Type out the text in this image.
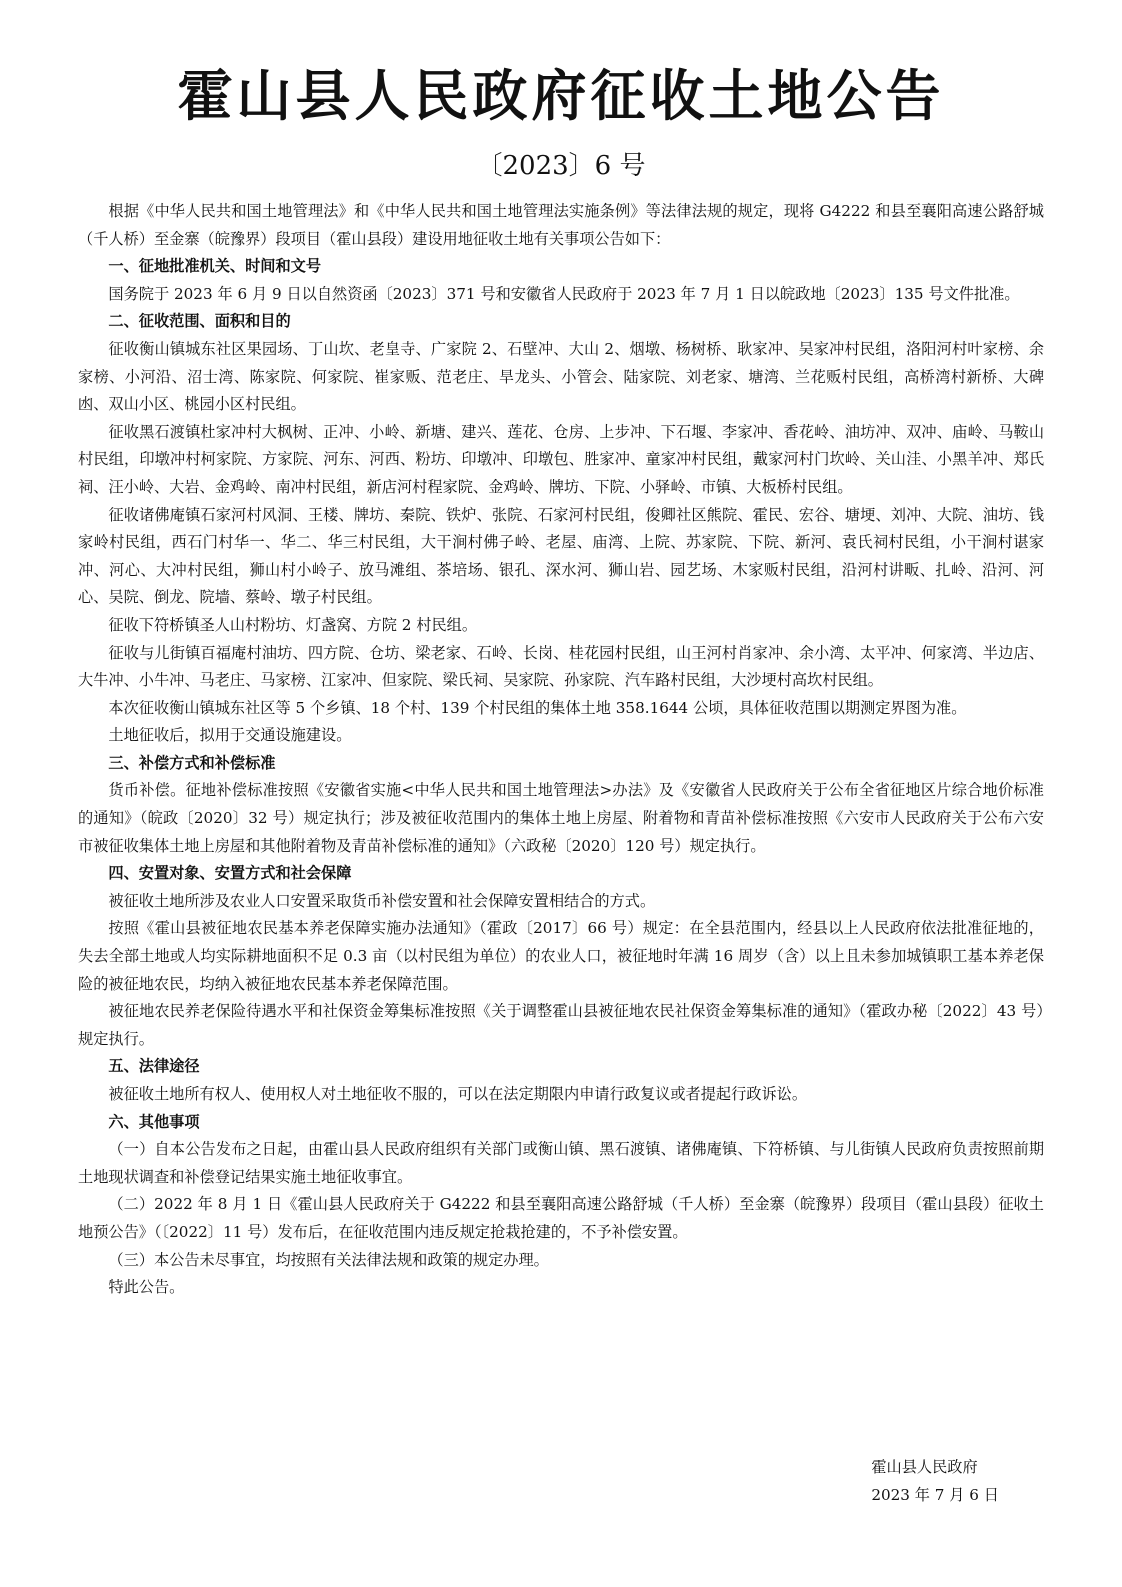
霍山县人民政府征收土地公告
〔2023〕6 号

根据《中华人民共和国土地管理法》和《中华人民共和国土地管理法实施条例》等法律法规的规定，现将 G4222 和县至襄阳高速公路舒城（千人桥）至金寨（皖豫界）段项目（霍山县段）建设用地征收土地有关事项公告如下：

一、征地批准机关、时间和文号

国务院于 2023 年 6 月 9 日以自然资函〔2023〕371 号和安徽省人民政府于 2023 年 7 月 1 日以皖政地〔2023〕135 号文件批准。

二、征收范围、面积和目的

征收衡山镇城东社区果园场、丁山坎、老皇寺、广家院 2、石壁冲、大山 2、烟墩、杨树桥、耿家冲、吴家冲村民组，洛阳河村叶家榜、余家榜、小河沿、沼士湾、陈家院、何家院、崔家贩、范老庄、旱龙头、小管会、陆家院、刘老家、塘湾、兰花贩村民组，高桥湾村新桥、大碑凼、双山小区、桃园小区村民组。

征收黑石渡镇杜家冲村大枫树、正冲、小岭、新塘、建兴、莲花、仓房、上步冲、下石堰、李家冲、香花岭、油坊冲、双冲、庙岭、马鞍山村民组，印墩冲村柯家院、方家院、河东、河西、粉坊、印墩冲、印墩包、胜家冲、童家冲村民组，戴家河村门坎岭、关山洼、小黑羊冲、郑氏祠、汪小岭、大岩、金鸡岭、南冲村民组，新店河村程家院、金鸡岭、牌坊、下院、小驿岭、市镇、大板桥村民组。

征收诸佛庵镇石家河村风洞、王楼、牌坊、秦院、铁炉、张院、石家河村民组，俊卿社区熊院、霍民、宏谷、塘埂、刘冲、大院、油坊、钱家岭村民组，西石门村华一、华二、华三村民组，大干涧村佛子岭、老屋、庙湾、上院、苏家院、下院、新河、袁氏祠村民组，小干涧村谌家冲、河心、大冲村民组，狮山村小岭子、放马滩组、茶培场、银孔、深水河、狮山岩、园艺场、木家贩村民组，沿河村讲畈、扎岭、沿河、河心、吴院、倒龙、院墙、蔡岭、墩子村民组。

征收下符桥镇圣人山村粉坊、灯盏窝、方院 2 村民组。

征收与儿街镇百福庵村油坊、四方院、仓坊、梁老家、石岭、长岗、桂花园村民组，山王河村肖家冲、余小湾、太平冲、何家湾、半边店、大牛冲、小牛冲、马老庄、马家榜、江家冲、但家院、梁氏祠、吴家院、孙家院、汽车路村民组，大沙埂村高坎村民组。

本次征收衡山镇城东社区等 5 个乡镇、18 个村、139 个村民组的集体土地 358.1644 公顷，具体征收范围以期测定界图为准。

土地征收后，拟用于交通设施建设。

三、补偿方式和补偿标准

货币补偿。征地补偿标准按照《安徽省实施<中华人民共和国土地管理法>办法》及《安徽省人民政府关于公布全省征地区片综合地价标准的通知》（皖政〔2020〕32 号）规定执行；涉及被征收范围内的集体土地上房屋、附着物和青苗补偿标准按照《六安市人民政府关于公布六安市被征收集体土地上房屋和其他附着物及青苗补偿标准的通知》（六政秘〔2020〕120 号）规定执行。

四、安置对象、安置方式和社会保障

被征收土地所涉及农业人口安置采取货币补偿安置和社会保障安置相结合的方式。

按照《霍山县被征地农民基本养老保障实施办法通知》（霍政〔2017〕66 号）规定：在全县范围内，经县以上人民政府依法批准征地的，失去全部土地或人均实际耕地面积不足 0.3 亩（以村民组为单位）的农业人口，被征地时年满 16 周岁（含）以上且未参加城镇职工基本养老保险的被征地农民，均纳入被征地农民基本养老保障范围。

被征地农民养老保险待遇水平和社保资金筹集标准按照《关于调整霍山县被征地农民社保资金筹集标准的通知》（霍政办秘〔2022〕43 号）规定执行。

五、法律途径

被征收土地所有权人、使用权人对土地征收不服的，可以在法定期限内申请行政复议或者提起行政诉讼。

六、其他事项

（一）自本公告发布之日起，由霍山县人民政府组织有关部门或衡山镇、黑石渡镇、诸佛庵镇、下符桥镇、与儿街镇人民政府负责按照前期土地现状调查和补偿登记结果实施土地征收事宜。

（二）2022 年 8 月 1 日《霍山县人民政府关于 G4222 和县至襄阳高速公路舒城（千人桥）至金寨（皖豫界）段项目（霍山县段）征收土地预公告》（〔2022〕11 号）发布后，在征收范围内违反规定抢栽抢建的，不予补偿安置。

（三）本公告未尽事宜，均按照有关法律法规和政策的规定办理。

特此公告。

霍山县人民政府
2023 年 7 月 6 日
